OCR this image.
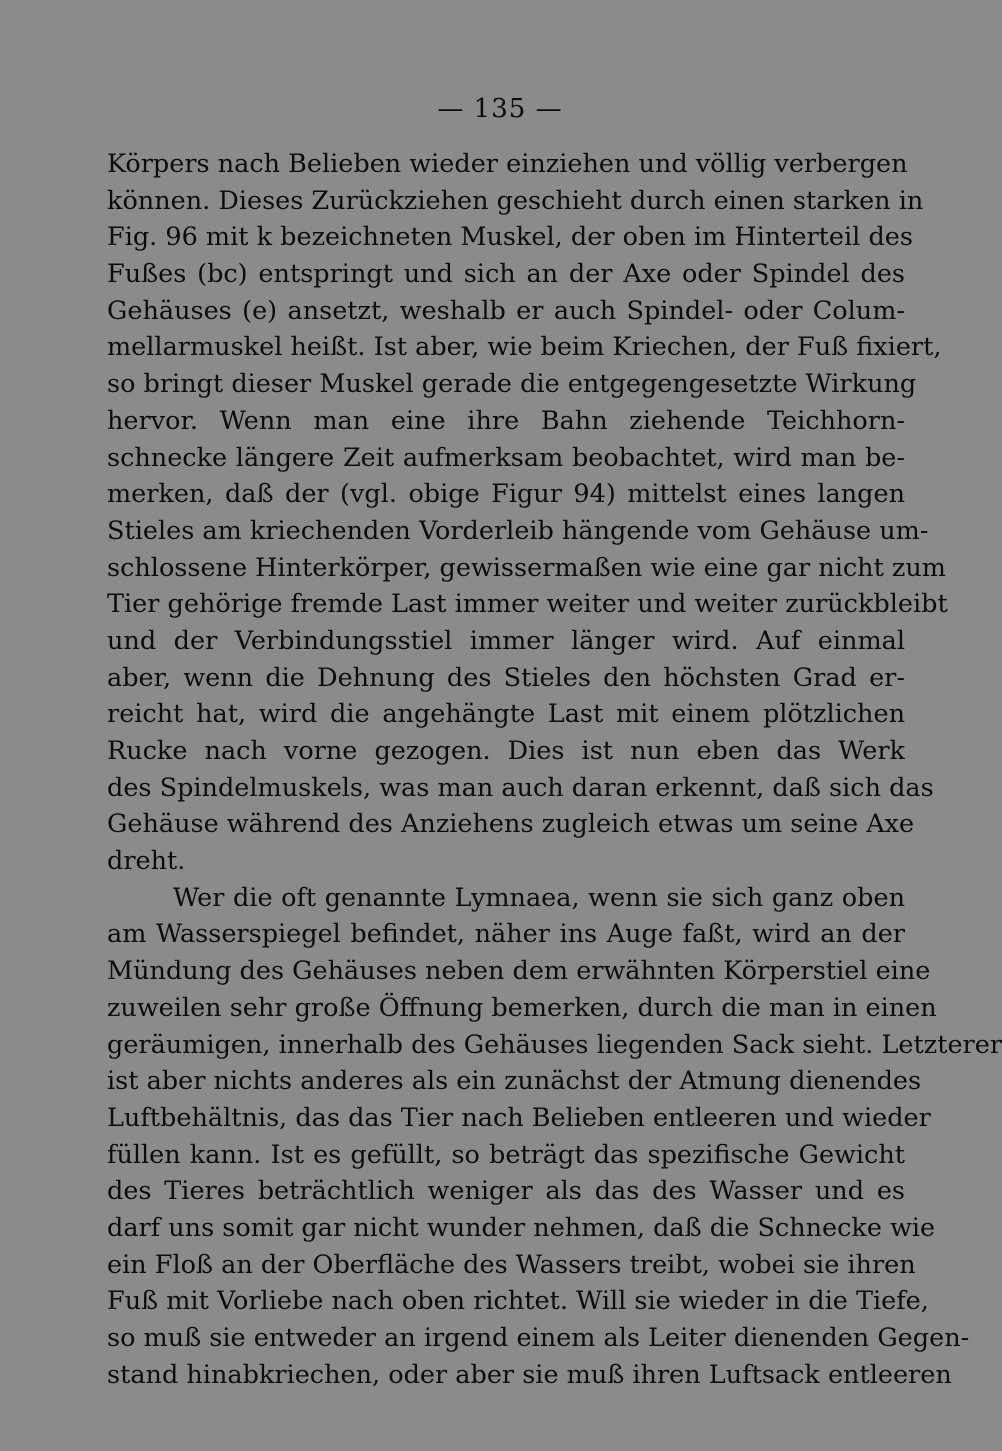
— 135 —
Körpers nach Belieben wieder einziehen und völlig verbergen
können. Dieses Zurückziehen geschieht durch einen starken in
Fig. 96 mit k bezeichneten Muskel, der oben im Hinterteil des
Fußes (bc) entspringt und sich an der Axe oder Spindel des
Gehäuses (e) ansetzt, weshalb er auch Spindel- oder Colum-
mellarmuskel heißt. Ist aber, wie beim Kriechen, der Fuß fixiert,
so bringt dieser Muskel gerade die entgegengesetzte Wirkung
hervor. Wenn man eine ihre Bahn ziehende Teichhorn-
schnecke längere Zeit aufmerksam beobachtet, wird man be-
merken, daß der (vgl. obige Figur 94) mittelst eines langen
Stieles am kriechenden Vorderleib hängende vom Gehäuse um-
schlossene Hinterkörper, gewissermaßen wie eine gar nicht zum
Tier gehörige fremde Last immer weiter und weiter zurückbleibt
und der Verbindungsstiel immer länger wird. Auf einmal
aber, wenn die Dehnung des Stieles den höchsten Grad er-
reicht hat, wird die angehängte Last mit einem plötzlichen
Rucke nach vorne gezogen. Dies ist nun eben das Werk
des Spindelmuskels, was man auch daran erkennt, daß sich das
Gehäuse während des Anziehens zugleich etwas um seine Axe
dreht.
Wer die oft genannte Lymnaea, wenn sie sich ganz oben
am Wasserspiegel befindet, näher ins Auge faßt, wird an der
Mündung des Gehäuses neben dem erwähnten Körperstiel eine
zuweilen sehr große Öffnung bemerken, durch die man in einen
geräumigen, innerhalb des Gehäuses liegenden Sack sieht. Letzterer
ist aber nichts anderes als ein zunächst der Atmung dienendes
Luftbehältnis, das das Tier nach Belieben entleeren und wieder
füllen kann. Ist es gefüllt, so beträgt das spezifische Gewicht
des Tieres beträchtlich weniger als das des Wasser und es
darf uns somit gar nicht wunder nehmen, daß die Schnecke wie
ein Floß an der Oberfläche des Wassers treibt, wobei sie ihren
Fuß mit Vorliebe nach oben richtet. Will sie wieder in die Tiefe,
so muß sie entweder an irgend einem als Leiter dienenden Gegen-
stand hinabkriechen, oder aber sie muß ihren Luftsack entleeren
